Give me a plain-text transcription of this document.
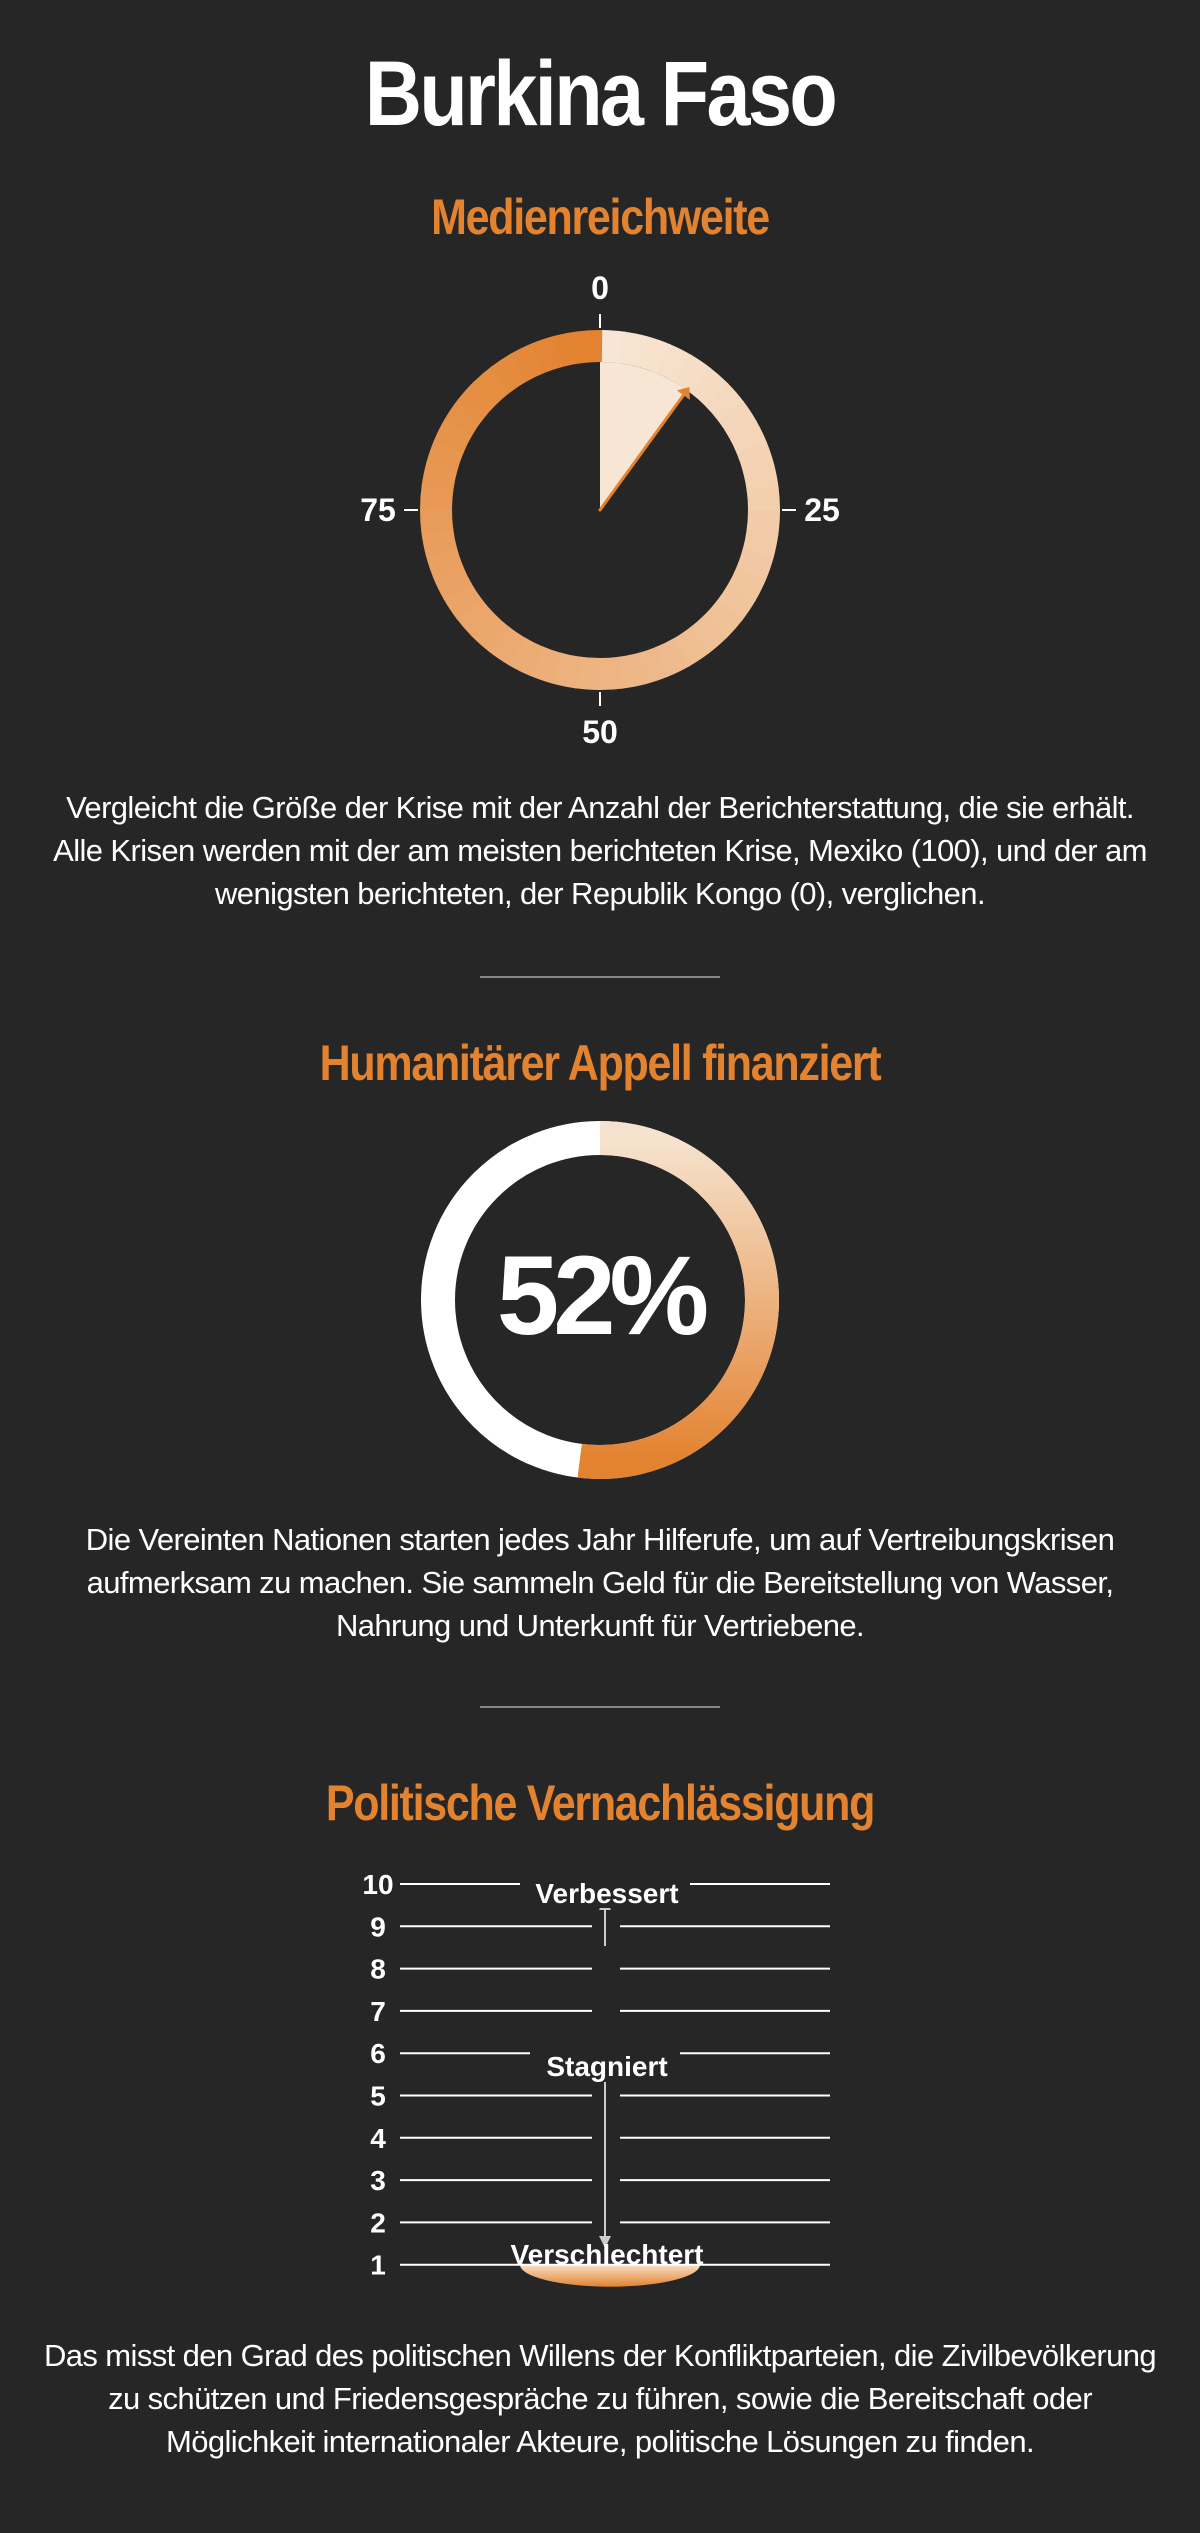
Burkina Faso
Medienreichweite
0
25
50
75

Vergleicht die Größe der Krise mit der Anzahl der Berichterstattung, die sie erhält. Alle Krisen werden mit der am meisten berichteten Krise, Mexiko (100), und der am wenigsten berichteten, der Republik Kongo (0), verglichen.

Humanitärer Appell finanziert
52%

Die Vereinten Nationen starten jedes Jahr Hilferufe, um auf Vertreibungskrisen aufmerksam zu machen. Sie sammeln Geld für die Bereitstellung von Wasser, Nahrung und Unterkunft für Vertriebene.

Politische Vernachlässigung
1
2
3
4
5
6
7
8
9
10	Verbessert
Stagniert
Verschlechtert

Das misst den Grad des politischen Willens der Konfliktparteien, die Zivilbevölkerung zu schützen und Friedensgespräche zu führen, sowie die Bereitschaft oder Möglichkeit internationaler Akteure, politische Lösungen zu finden.
